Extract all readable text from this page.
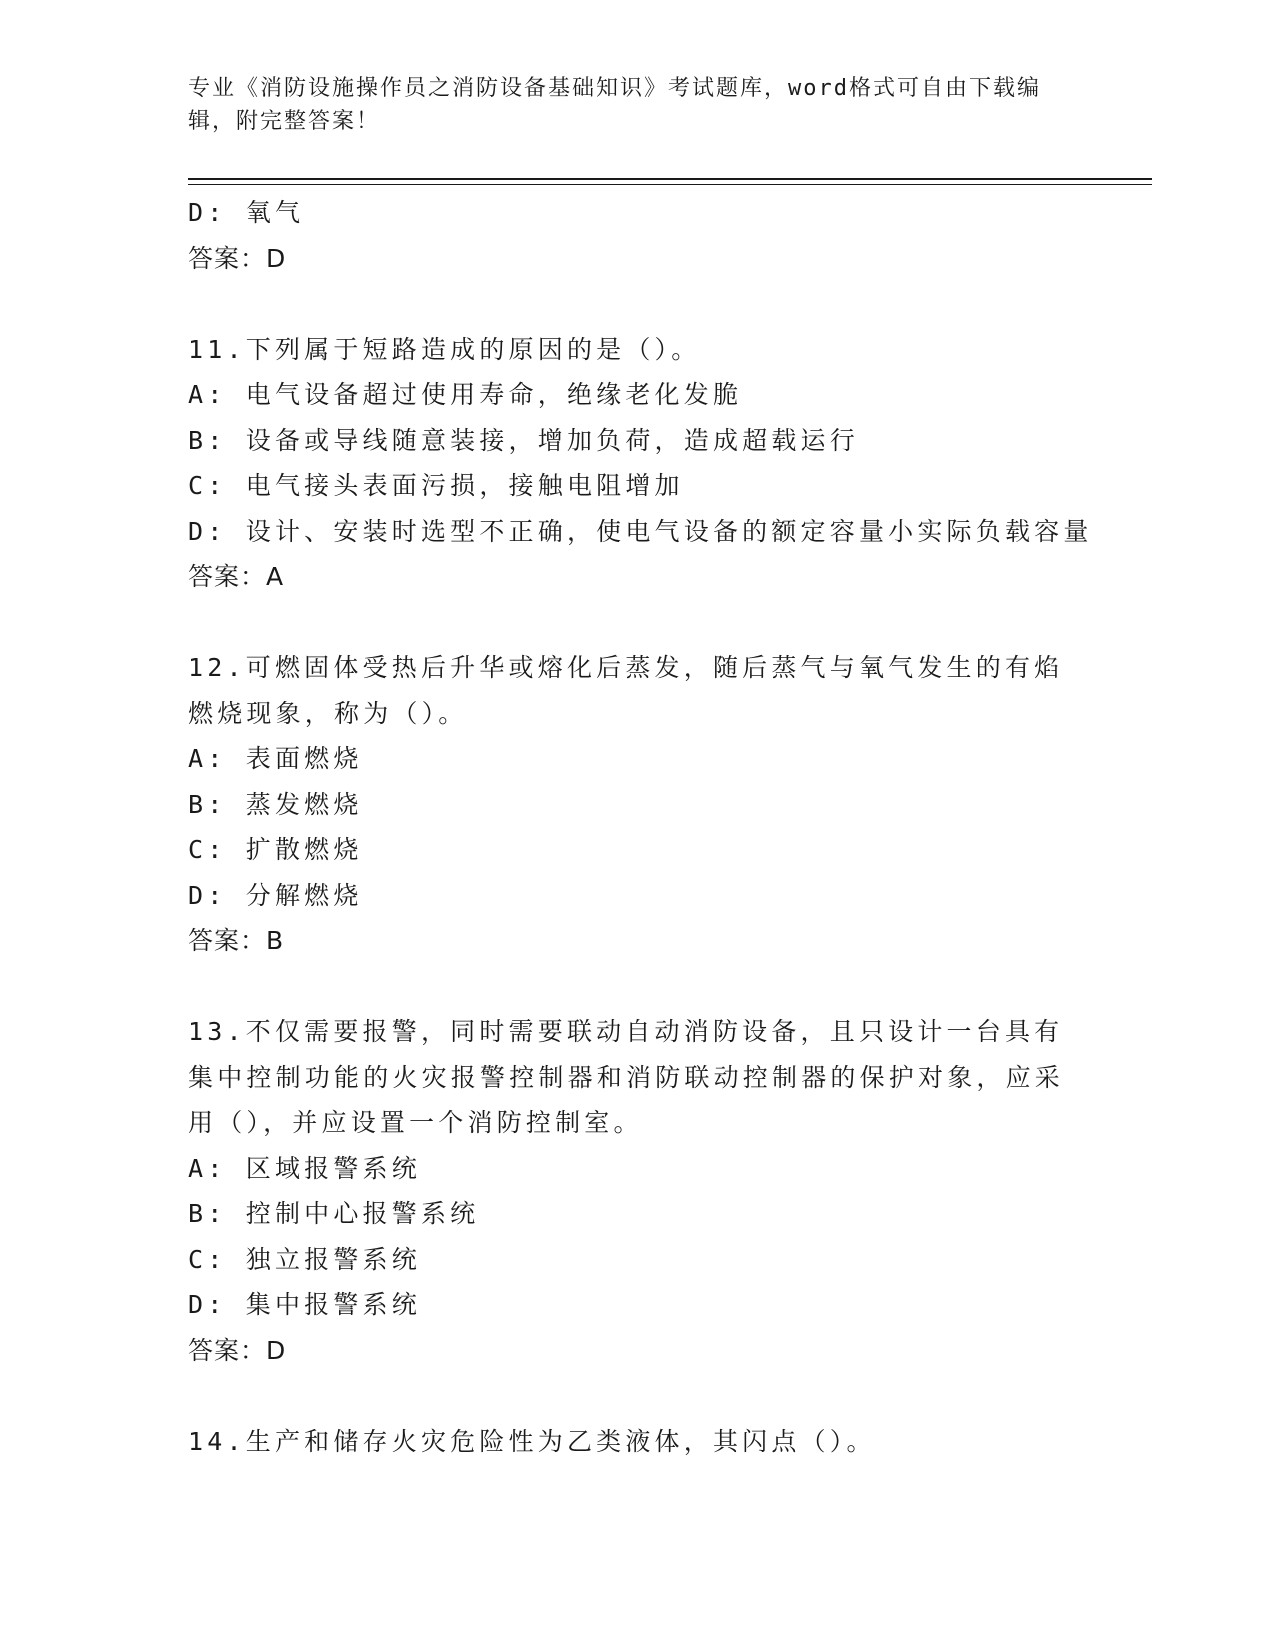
专业《消防设施操作员之消防设备基础知识》考试题库，word格式可自由下载编辑，附完整答案！
D: 氧气
答案：D
11.下列属于短路造成的原因的是（）。
A: 电气设备超过使用寿命，绝缘老化发脆
B: 设备或导线随意装接，增加负荷，造成超载运行
C: 电气接头表面污损，接触电阻增加
D: 设计、安装时选型不正确，使电气设备的额定容量小实际负载容量
答案：A
12.可燃固体受热后升华或熔化后蒸发，随后蒸气与氧气发生的有焰燃烧现象，称为（）。
A: 表面燃烧
B: 蒸发燃烧
C: 扩散燃烧
D: 分解燃烧
答案：B
13.不仅需要报警，同时需要联动自动消防设备，且只设计一台具有集中控制功能的火灾报警控制器和消防联动控制器的保护对象，应采用（），并应设置一个消防控制室。
A: 区域报警系统
B: 控制中心报警系统
C: 独立报警系统
D: 集中报警系统
答案：D
14.生产和储存火灾危险性为乙类液体，其闪点（）。
